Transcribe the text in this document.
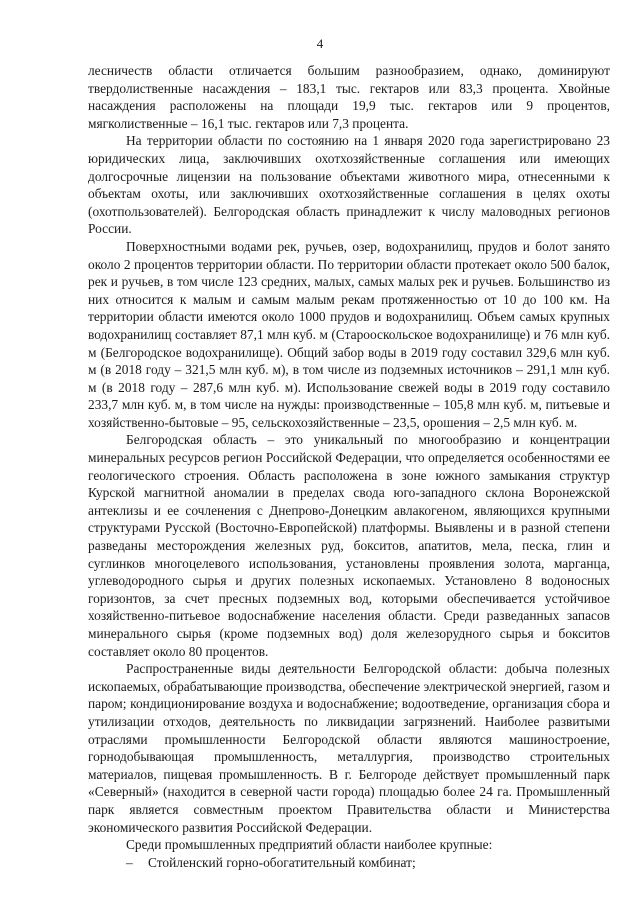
4

лесничеств области отличается большим разнообразием, однако, доминируют твердолиственные насаждения – 183,1 тыс. гектаров или 83,3 процента. Хвойные насаждения расположены на площади 19,9 тыс. гектаров или 9 процентов, мягколиственные – 16,1 тыс. гектаров или 7,3 процента.

На территории области по состоянию на 1 января 2020 года зарегистрировано 23 юридических лица, заключивших охотхозяйственные соглашения или имеющих долгосрочные лицензии на пользование объектами животного мира, отнесенными к объектам охоты, или заключивших охотхозяйственные соглашения в целях охоты (охотпользователей). Белгородская область принадлежит к числу маловодных регионов России.

Поверхностными водами рек, ручьев, озер, водохранилищ, прудов и болот занято около 2 процентов территории области. По территории области протекает около 500 балок, рек и ручьев, в том числе 123 средних, малых, самых малых рек и ручьев. Большинство из них относится к малым и самым малым рекам протяженностью от 10 до 100 км. На территории области имеются около 1000 прудов и водохранилищ. Объем самых крупных водохранилищ составляет 87,1 млн куб. м (Старооскольское водохранилище) и 76 млн куб. м (Белгородское водохранилище). Общий забор воды в 2019 году составил 329,6 млн куб. м (в 2018 году – 321,5 млн куб. м), в том числе из подземных источников – 291,1 млн куб. м (в 2018 году – 287,6 млн куб. м). Использование свежей воды в 2019 году составило 233,7 млн куб. м, в том числе на нужды: производственные – 105,8 млн куб. м, питьевые и хозяйственно-бытовые – 95, сельскохозяйственные – 23,5, орошения – 2,5 млн куб. м.

Белгородская область – это уникальный по многообразию и концентрации минеральных ресурсов регион Российской Федерации, что определяется особенностями ее геологического строения. Область расположена в зоне южного замыкания структур Курской магнитной аномалии в пределах свода юго-западного склона Воронежской антеклизы и ее сочленения с Днепрово-Донецким авлакогеном, являющихся крупными структурами Русской (Восточно-Европейской) платформы. Выявлены и в разной степени разведаны месторождения железных руд, бокситов, апатитов, мела, песка, глин и суглинков многоцелевого использования, установлены проявления золота, марганца, углеводородного сырья и других полезных ископаемых. Установлено 8 водоносных горизонтов, за счет пресных подземных вод, которыми обеспечивается устойчивое хозяйственно-питьевое водоснабжение населения области. Среди разведанных запасов минерального сырья (кроме подземных вод) доля железорудного сырья и бокситов составляет около 80 процентов.

Распространенные виды деятельности Белгородской области: добыча полезных ископаемых, обрабатывающие производства, обеспечение электрической энергией, газом и паром; кондиционирование воздуха и водоснабжение; водоотведение, организация сбора и утилизации отходов, деятельность по ликвидации загрязнений. Наиболее развитыми отраслями промышленности Белгородской области являются машиностроение, горнодобывающая промышленность, металлургия, производство строительных материалов, пищевая промышленность. В г. Белгороде действует промышленный парк «Северный» (находится в северной части города) площадью более 24 га. Промышленный парк является совместным проектом Правительства области и Министерства экономического развития Российской Федерации.

Среди промышленных предприятий области наиболее крупные:

– Стойленский горно-обогатительный комбинат;
